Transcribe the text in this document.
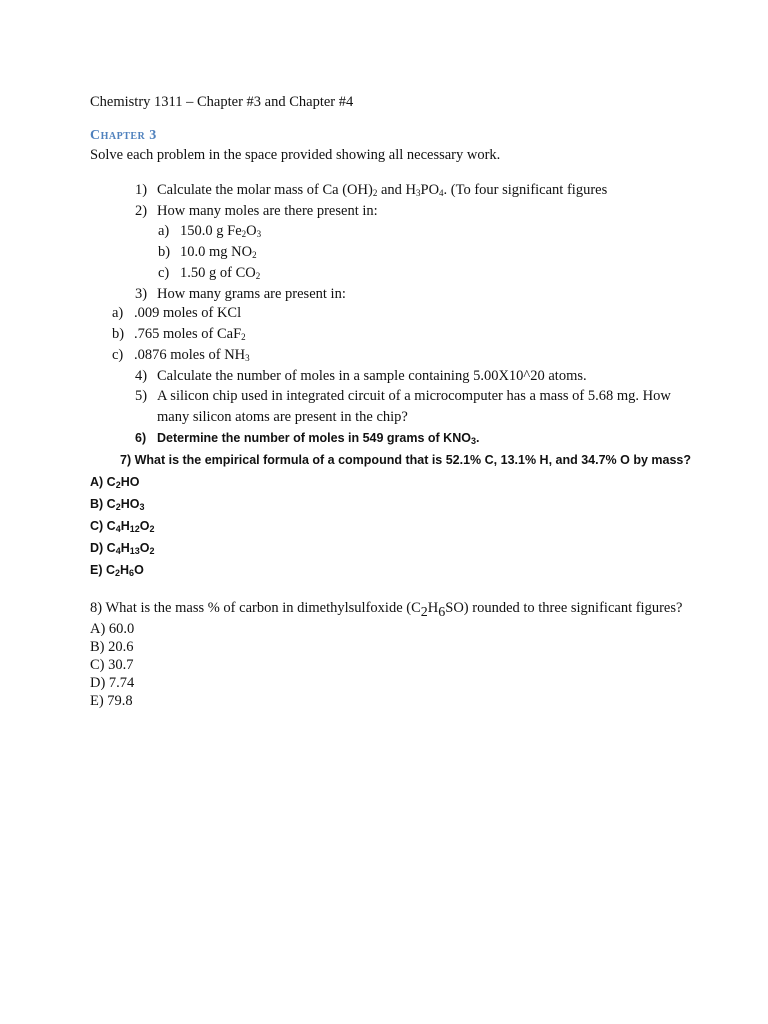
Chemistry 1311 – Chapter #3 and Chapter #4
Chapter 3
Solve each problem in the space provided showing all necessary work.
1) Calculate the molar mass of Ca $(OH)_2$ and $H_3PO_4$. (To four significant figures
2) How many moles are there present in:
a) 150.0 g $Fe_2O_3$
b) 10.0 mg $NO_2$
c) 1.50 g of $CO_2$
3) How many grams are present in:
a) .009 moles of KCl
b) .765 moles of CaF$_2$
c) .0876 moles of $NH_3$
4) Calculate the number of moles in a sample containing 5.00X10^20 atoms.
5) A silicon chip used in integrated circuit of a microcomputer has a mass of 5.68 mg. How
many silicon atoms are present in the chip?
6) Determine the number of moles in 549 grams of $KNO_3$.
7) What is the empirical formula of a compound that is 52.1% C, 13.1% H, and 34.7% O by mass?
A) $C_2HO$
B) $C_2HO_3$
C) $C_4H_{12}O_2$
D) $C_4H_{13}O_2$
E) $C_2H_6O$
8) What is the mass % of carbon in dimethylsulfoxide $(C_2H_6SO)$ rounded to three significant figures?
A) 60.0
B) 20.6
C) 30.7
D) 7.74
E) 79.8
